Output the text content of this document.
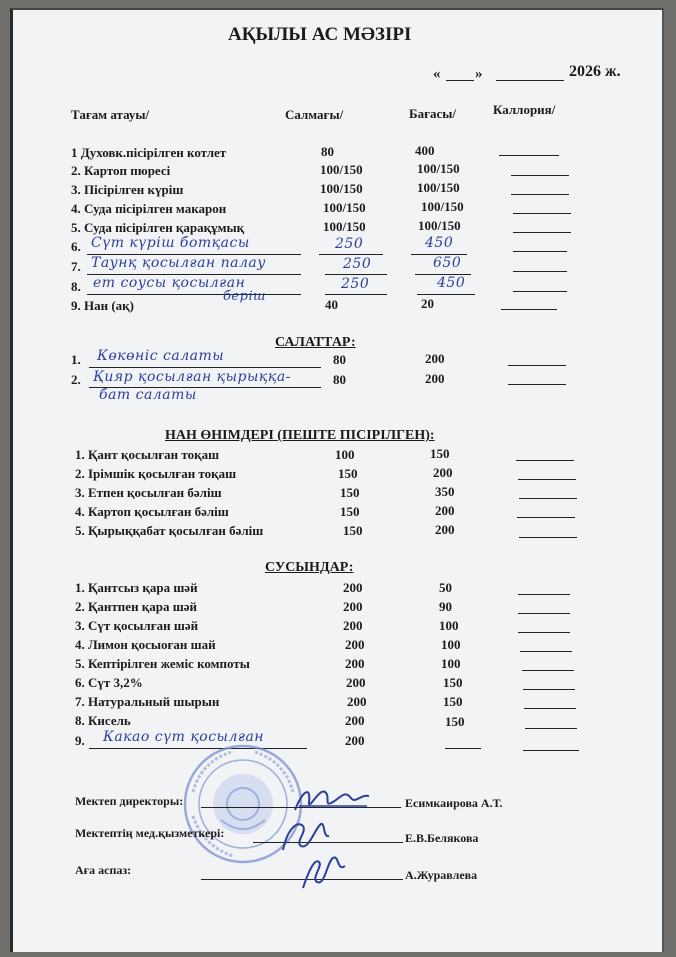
АҚЫЛЫ АС МӘЗІРІ
« »	2026 ж.
Тағам атауы/	Салмағы/	Бағасы/	Каллория/
1 Духовк.пісірілген котлет	80	400
2. Картоп пюресі	100/150	100/150
3. Пісірілген күріш	100/150	100/150
4. Суда пісірілген макарон	100/150	100/150
5. Суда пісірілген қарақұмық	100/150	100/150
6. Сүт күріш ботқасы	250	450
7. Таунқ қосылған палау	250	650
8. ет соусы қосылған
беріш
250	450
9. Нан (ақ)	40	20
САЛАТТАР:
1. Көкөніс салаты	80	200
2. Қияр қосылған қырыққа-
бат салаты
80	200
НАН ӨНІМДЕРІ (ПЕШТЕ ПІСІРІЛГЕН):
1. Қант қосылған тоқаш	100	150
2. Ірімшік қосылған тоқаш	150	200
3. Етпен қосылған бәліш	150	350
4. Картоп қосылған бәліш	150	200
5. Қырыққабат қосылған бәліш	150	200
СУСЫНДАР:
1. Қантсыз қара шәй	200	50
2. Қантпен қара шәй	200	90
3. Сүт қосылған шәй	200	100
4. Лимон қосыоған шай	200	100
5. Кептірілген жеміс компоты	200	100
6. Сүт 3,2%	200	150
7. Натуральный шырын	200	150
8. Кисель	200	150
9. Какао сүт қосылған	200
Мектеп директоры:	Есимкаирова А.Т.
Мектептің мед.қызметкері:	Е.В.Белякова
Аға аспаз:	А.Журавлева
